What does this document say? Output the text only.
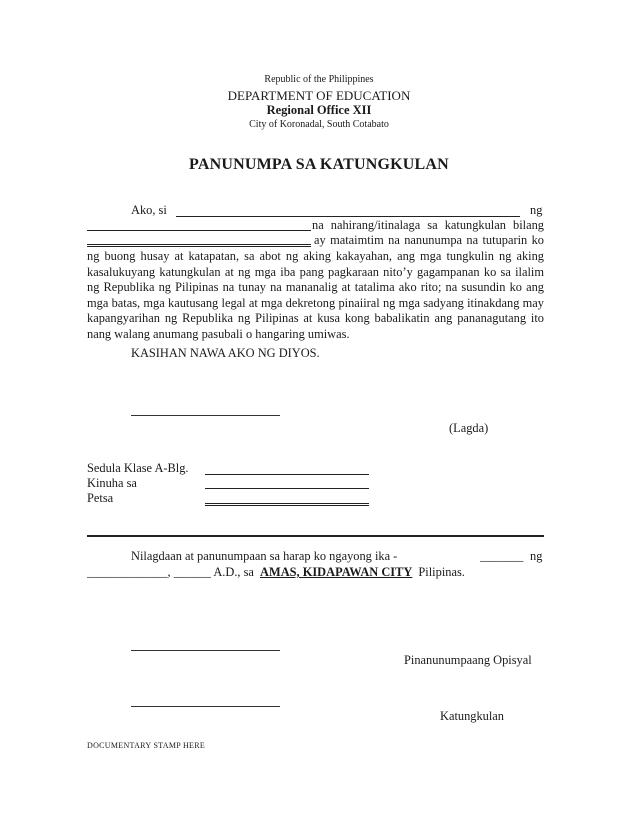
Republic of the Philippines
DEPARTMENT OF EDUCATION
Regional Office XII
City of Koronadal, South Cotabato
PANUNUMPA SA KATUNGKULAN
Ako, si	ng
na nahirang/itinalaga sa katungkulan bilang
ay mataimtim na nanunumpa na tutuparin ko
ng buong husay at katapatan, sa abot ng aking kakayahan, ang mga tungkulin ng aking kasalukuyang katungkulan at ng mga iba pang pagkaraan nito’y gagampanan ko sa ilalim ng Republika ng Pilipinas na tunay na mananalig at tatalima ako rito; na susundin ko ang mga batas, mga kautusang legal at mga dekretong pinaiiral ng mga sadyang itinakdang may kapangyarihan ng Republika ng Pilipinas at kusa kong babalikatin ang pananagutang ito nang walang anumang pasubali o hangaring umiwas.
KASIHAN NAWA AKO NG DIYOS.
(Lagda)
Sedula Klase A-Blg.
Kinuha sa
Petsa
Nilagdaan at panunumpaan sa harap ko ngayong ika -	_______ ng
_____________, ______ A.D., sa AMAS, KIDAPAWAN CITY Pilipinas.
Pinanunumpaang Opisyal
Katungkulan
DOCUMENTARY STAMP HERE
